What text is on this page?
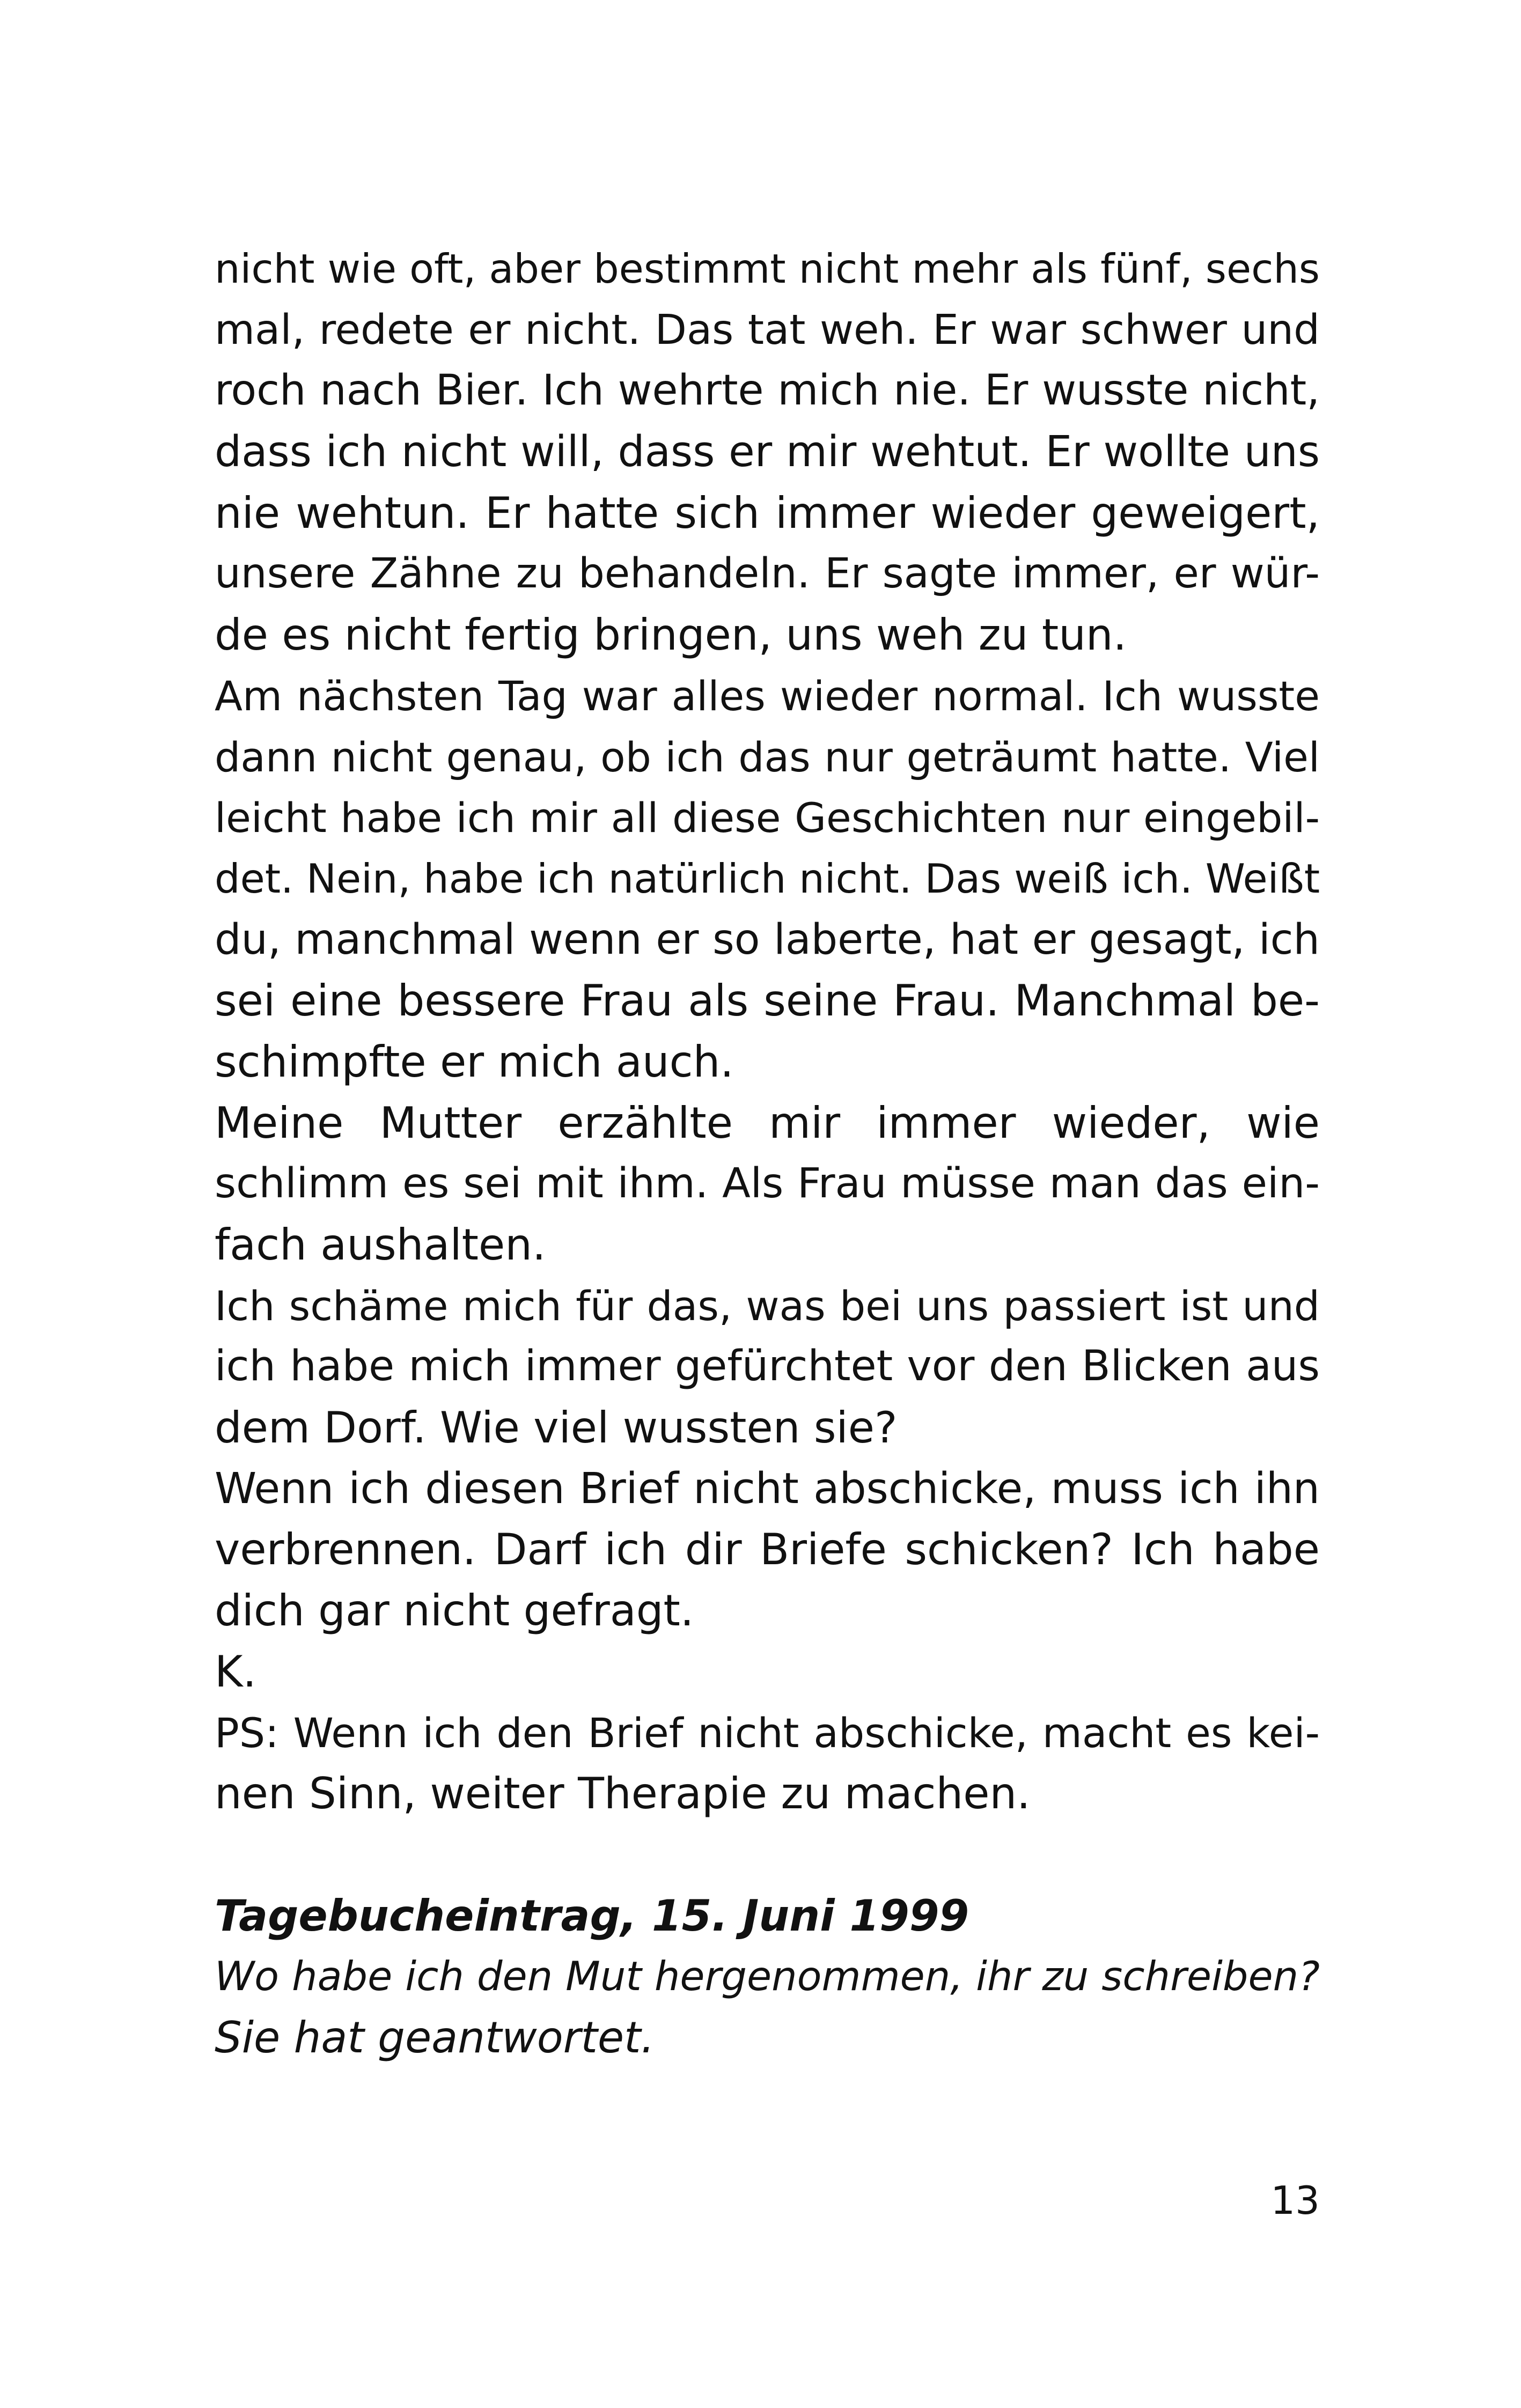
nicht wie oft, aber bestimmt nicht mehr als fünf, sechs
mal, redete er nicht. Das tat weh. Er war schwer und
roch nach Bier. Ich wehrte mich nie. Er wusste nicht,
dass ich nicht will, dass er mir wehtut. Er wollte uns
nie wehtun. Er hatte sich immer wieder geweigert,
unsere Zähne zu behandeln. Er sagte immer, er wür-
de es nicht fertig bringen, uns weh zu tun.
Am nächsten Tag war alles wieder normal. Ich wusste
dann nicht genau, ob ich das nur geträumt hatte. Viel
leicht habe ich mir all diese Geschichten nur eingebil-
det. Nein, habe ich natürlich nicht. Das weiß ich. Weißt
du, manchmal wenn er so laberte, hat er gesagt, ich
sei eine bessere Frau als seine Frau. Manchmal be-
schimpfte er mich auch.
Meine Mutter erzählte mir immer wieder, wie
schlimm es sei mit ihm. Als Frau müsse man das ein-
fach aushalten.
Ich schäme mich für das, was bei uns passiert ist und
ich habe mich immer gefürchtet vor den Blicken aus
dem Dorf. Wie viel wussten sie?
Wenn ich diesen Brief nicht abschicke, muss ich ihn
verbrennen. Darf ich dir Briefe schicken? Ich habe
dich gar nicht gefragt.
K.
PS: Wenn ich den Brief nicht abschicke, macht es kei-
nen Sinn, weiter Therapie zu machen.
Tagebucheintrag, 15. Juni 1999
Wo habe ich den Mut hergenommen, ihr zu schreiben?
Sie hat geantwortet.
13
